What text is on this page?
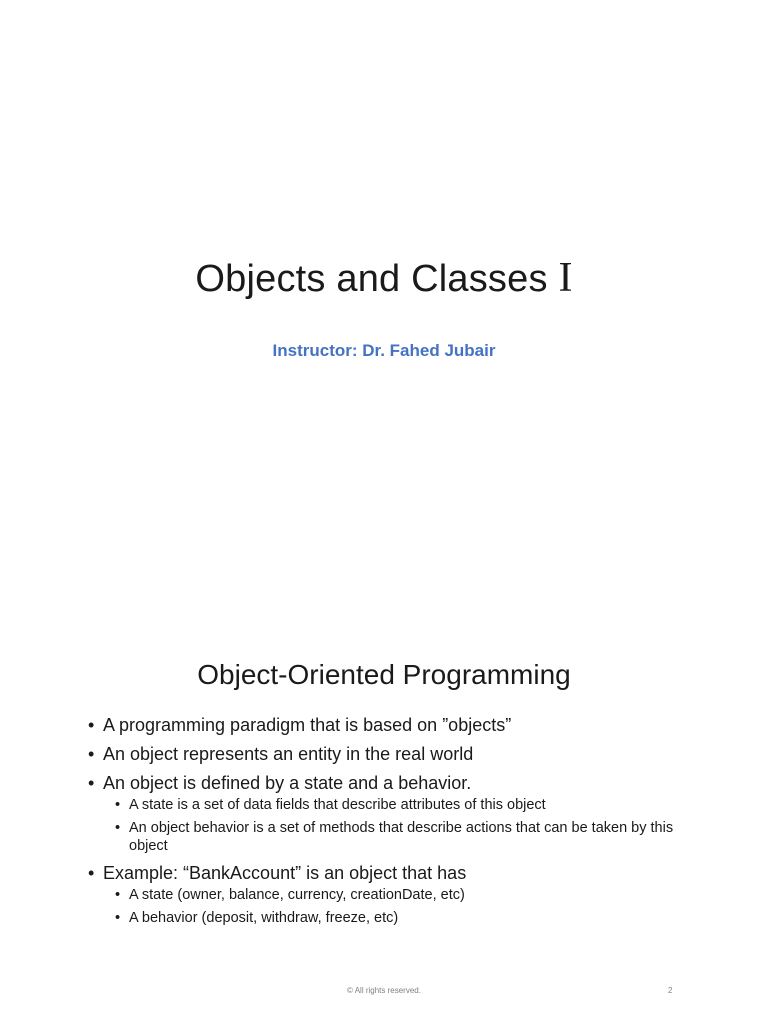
Objects and Classes I

Instructor: Dr. Fahed Jubair

Object-Oriented Programming
• A programming paradigm that is based on ”objects”
• An object represents an entity in the real world
• An object is defined by a state and a behavior.
• A state is a set of data fields that describe attributes of this object
• An object behavior is a set of methods that describe actions that can be taken by this object
• Example: “BankAccount” is an object that has
• A state (owner, balance, currency, creationDate, etc)
• A behavior (deposit, withdraw, freeze, etc)

© All rights reserved.	2
